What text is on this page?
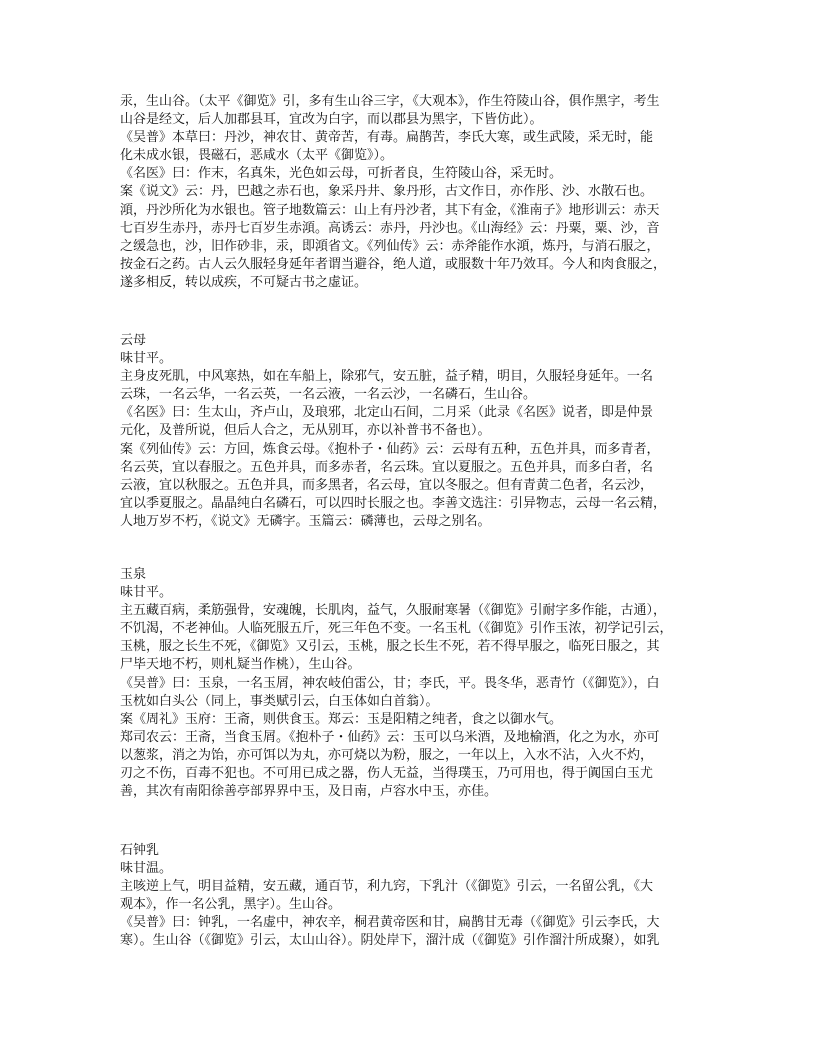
汞，生山谷。（太平《御览》引，多有生山谷三字，《大观本》，作生符陵山谷，俱作黑字，考生
山谷是经文，后人加郡县耳，宜改为白字，而以郡县为黑字，下皆仿此）。
《吴普》本草曰：丹沙，神农甘、黄帝苦，有毒。扁鹊苦，李氏大寒，或生武陵，采无时，能
化未成水银，畏磁石，恶咸水（太平《御览》）。
《名医》曰：作末，名真朱，光色如云母，可折者良，生符陵山谷，采无时。
案《说文》云：丹，巴越之赤石也，象采丹井、象丹形，古文作日，亦作彤、沙、水散石也。
澒，丹沙所化为水银也。管子地数篇云：山上有丹沙者，其下有金，《淮南子》地形训云：赤天
七百岁生赤丹，赤丹七百岁生赤澒。高诱云：赤丹，丹沙也。《山海经》云：丹粟，粟、沙，音
之缓急也，沙，旧作砂非，汞，即澒省文。《列仙传》云：赤斧能作水澒，炼丹，与消石服之，
按金石之药。古人云久服轻身延年者谓当避谷，绝人道，或服数十年乃效耳。今人和肉食服之，
遂多相反，转以成疾，不可疑古书之虚证。
云母
味甘平。
主身皮死肌，中风寒热，如在车船上，除邪气，安五脏，益子精，明目，久服轻身延年。一名
云珠，一名云华，一名云英，一名云液，一名云沙，一名磷石，生山谷。
《名医》曰：生太山，齐卢山，及琅邪，北定山石间，二月采（此录《名医》说者，即是仲景
元化，及普所说，但后人合之，无从别耳，亦以补普书不备也）。
案《列仙传》云：方回，炼食云母。《抱朴子・仙药》云：云母有五种，五色并具，而多青者，
名云英，宜以春服之。五色并具，而多赤者，名云珠。宜以夏服之。五色并具，而多白者，名
云液，宜以秋服之。五色并具，而多黑者，名云母，宜以冬服之。但有青黄二色者，名云沙，
宜以季夏服之。晶晶纯白名磷石，可以四时长服之也。李善文选注：引异物志，云母一名云精，
人地万岁不朽，《说文》无磷字。玉篇云：磷薄也，云母之别名。
玉泉
味甘平。
主五藏百病，柔筋强骨，安魂魄，长肌肉，益气，久服耐寒暑（《御览》引耐字多作能，古通），
不饥渴，不老神仙。人临死服五斤，死三年色不变。一名玉札（《御览》引作玉浓，初学记引云，
玉桃，服之长生不死，《御览》又引云，玉桃，服之长生不死，若不得早服之，临死日服之，其
尸毕天地不朽，则札疑当作桃），生山谷。
《吴普》曰：玉泉，一名玉屑，神农岐伯雷公，甘；李氏，平。畏冬华，恶青竹（《御览》），白
玉枕如白头公（同上，事类赋引云，白玉体如白首翁）。
案《周礼》玉府：王斋，则供食玉。郑云：玉是阳精之纯者，食之以御水气。
郑司农云：王斋，当食玉屑。《抱朴子・仙药》云：玉可以乌米酒，及地榆酒，化之为水，亦可
以葱浆，消之为饴，亦可饵以为丸，亦可烧以为粉，服之，一年以上，入水不沾，入火不灼，
刃之不伤，百毒不犯也。不可用已成之器，伤人无益，当得璞玉，乃可用也，得于阗国白玉尤
善，其次有南阳徐善亭部界界中玉，及日南，卢容水中玉，亦佳。
石钟乳
味甘温。
主咳逆上气，明目益精，安五藏，通百节，利九窍，下乳汁（《御览》引云，一名留公乳，《大
观本》，作一名公乳，黑字）。生山谷。
《吴普》曰：钟乳，一名虚中，神农辛，桐君黄帝医和甘，扁鹊甘无毒（《御览》引云李氏，大
寒）。生山谷（《御览》引云，太山山谷）。阴处岸下，溜汁成（《御览》引作溜汁所成聚），如乳
